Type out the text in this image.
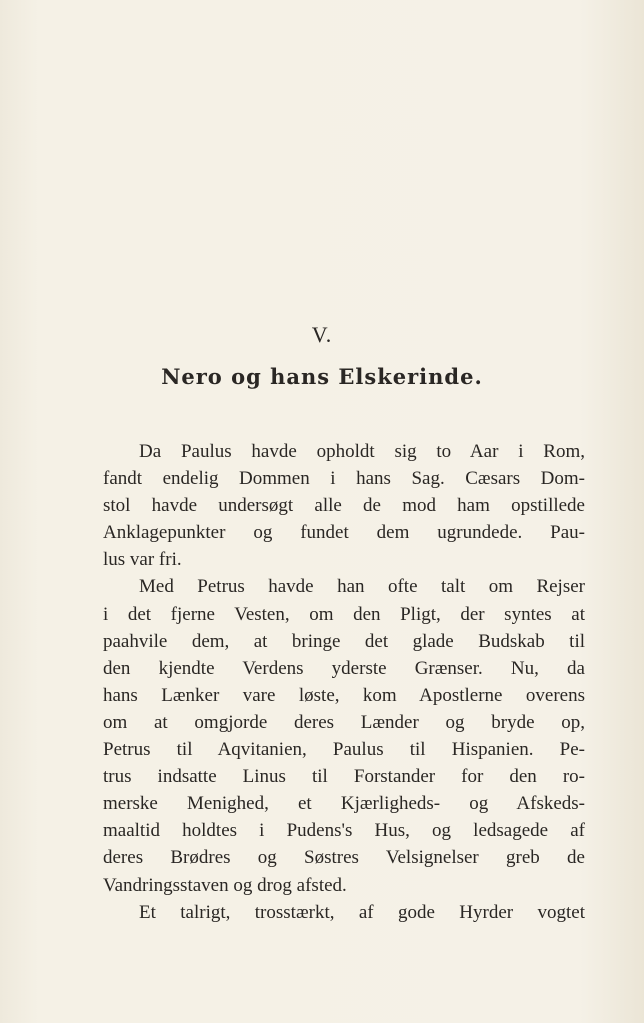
V.
Nero og hans Elskerinde.
Da Paulus havde opholdt sig to Aar i Rom,
fandt endelig Dommen i hans Sag. Cæsars Dom-
stol havde undersøgt alle de mod ham opstillede
Anklagepunkter og fundet dem ugrundede. Pau-
lus var fri.
Med Petrus havde han ofte talt om Rejser
i det fjerne Vesten, om den Pligt, der syntes at
paahvile dem, at bringe det glade Budskab til
den kjendte Verdens yderste Grænser. Nu, da
hans Lænker vare løste, kom Apostlerne overens
om at omgjorde deres Lænder og bryde op,
Petrus til Aqvitanien, Paulus til Hispanien. Pe-
trus indsatte Linus til Forstander for den ro-
merske Menighed, et Kjærligheds- og Afskeds-
maaltid holdtes i Pudens's Hus, og ledsagede af
deres Brødres og Søstres Velsignelser greb de
Vandringsstaven og drog afsted.
Et talrigt, trosstærkt, af gode Hyrder vogtet
